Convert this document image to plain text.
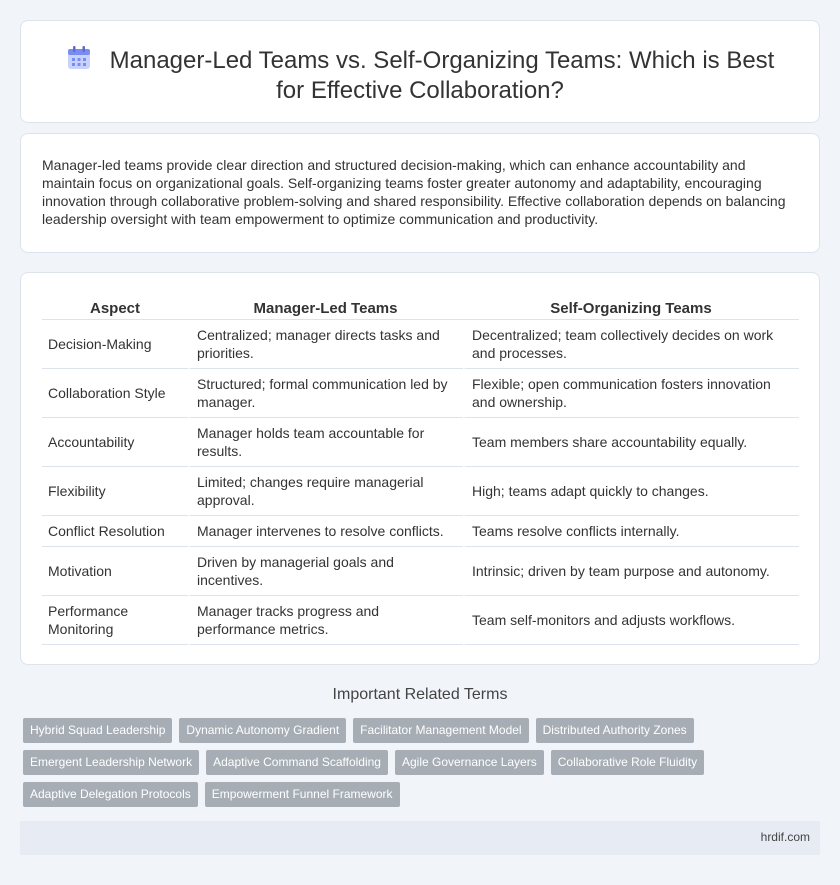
Manager-Led Teams vs. Self-Organizing Teams: Which is Best for Effective Collaboration?

Manager-led teams provide clear direction and structured decision-making, which can enhance accountability and maintain focus on organizational goals. Self-organizing teams foster greater autonomy and adaptability, encouraging innovation through collaborative problem-solving and shared responsibility. Effective collaboration depends on balancing leadership oversight with team empowerment to optimize communication and productivity.

Aspect	Manager-Led Teams	Self-Organizing Teams
Decision-Making	Centralized; manager directs tasks and priorities.	Decentralized; team collectively decides on work and processes.
Collaboration Style	Structured; formal communication led by manager.	Flexible; open communication fosters innovation and ownership.
Accountability	Manager holds team accountable for results.	Team members share accountability equally.
Flexibility	Limited; changes require managerial approval.	High; teams adapt quickly to changes.
Conflict Resolution	Manager intervenes to resolve conflicts.	Teams resolve conflicts internally.
Motivation	Driven by managerial goals and incentives.	Intrinsic; driven by team purpose and autonomy.
Performance Monitoring	Manager tracks progress and performance metrics.	Team self-monitors and adjusts workflows.
Important Related Terms
Hybrid Squad Leadership	Dynamic Autonomy Gradient	Facilitator Management Model	Distributed Authority Zones
Emergent Leadership Network	Adaptive Command Scaffolding	Agile Governance Layers	Collaborative Role Fluidity
Adaptive Delegation Protocols	Empowerment Funnel Framework
hrdif.com
